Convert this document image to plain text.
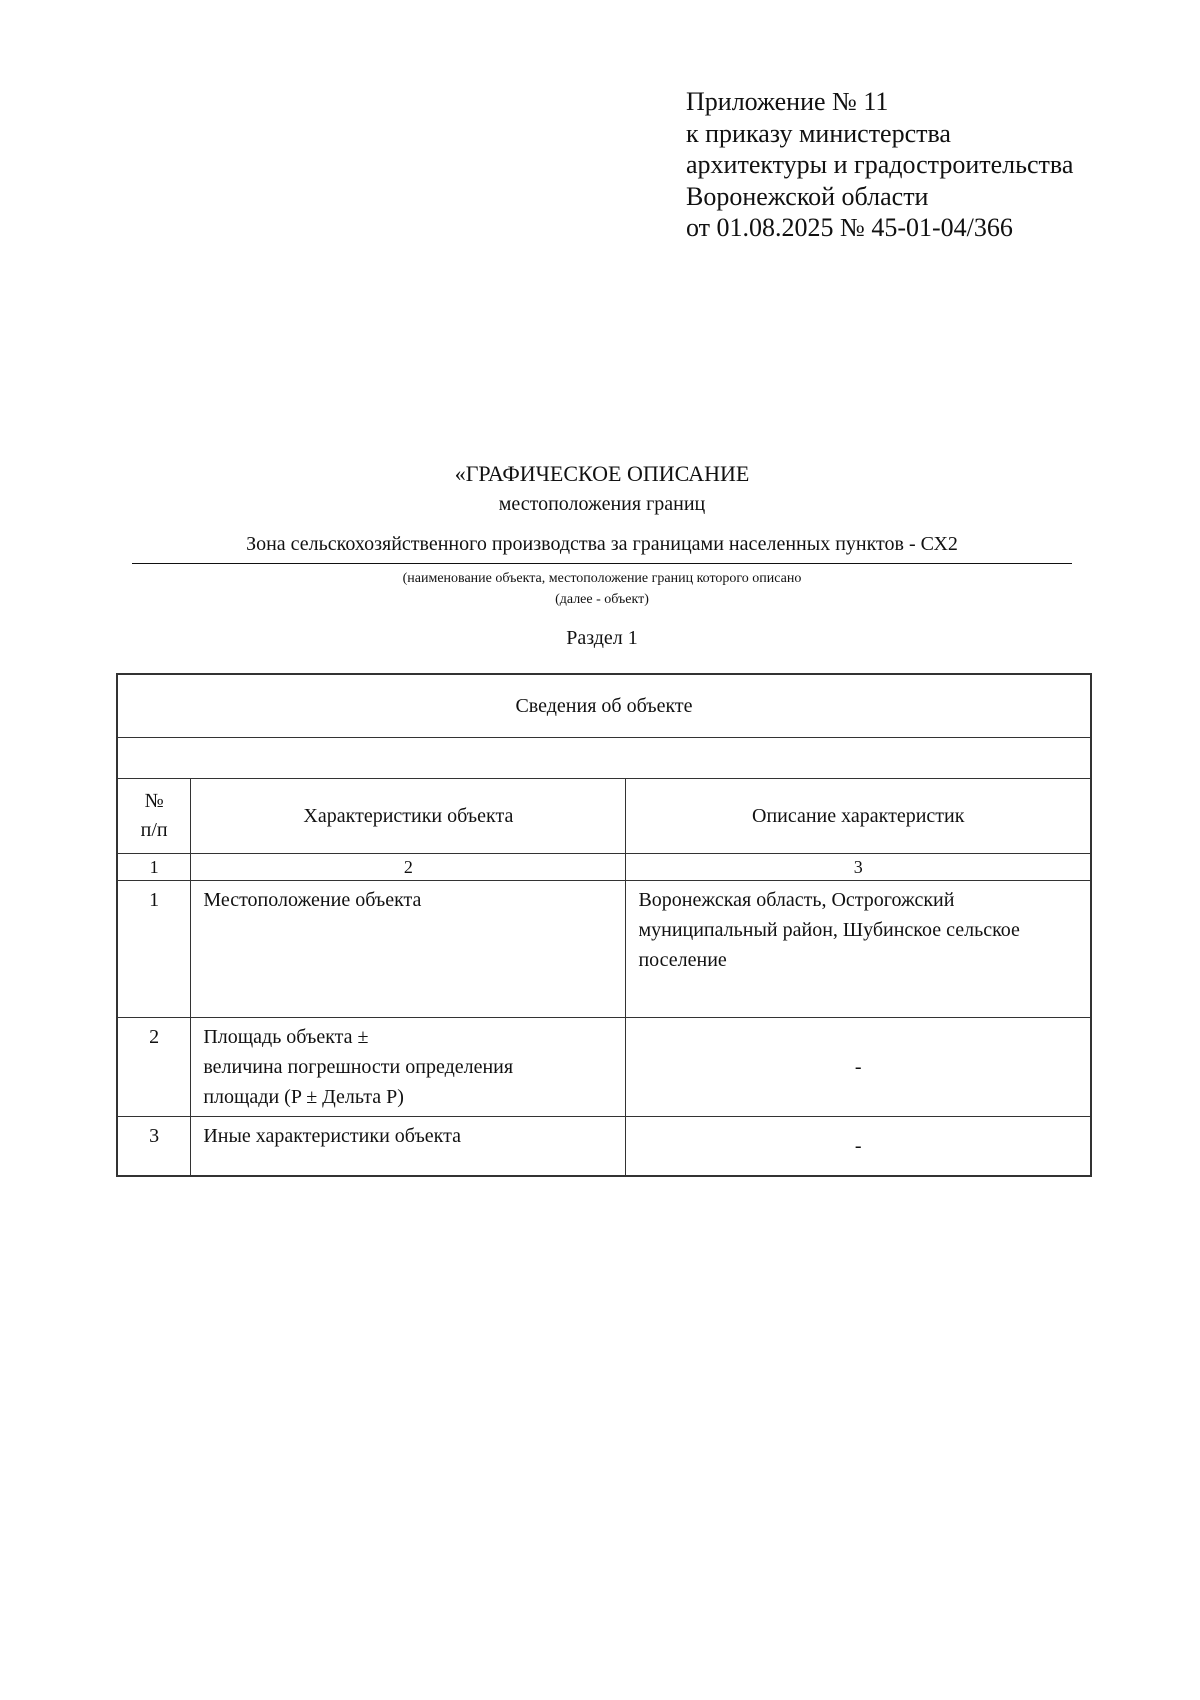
Приложение № 11
к приказу министерства
архитектуры и градостроительства
Воронежской области
от 01.08.2025 № 45-01-04/366
«ГРАФИЧЕСКОЕ ОПИСАНИЕ
местоположения границ
Зона сельскохозяйственного производства за границами населенных пунктов - СХ2
(наименование объекта, местоположение границ которого описано
(далее - объект)
Раздел 1
Сведения об объекте		

№
п/п	Характеристики объекта	Описание характеристик
1	2	3
1	Местоположение объекта	Воронежская область, Острогожский муниципальный район, Шубинское сельское поселение
2	Площадь объекта ±
величина погрешности определения
площади (P ± Дельта P)	-
3	Иные характеристики объекта	-
